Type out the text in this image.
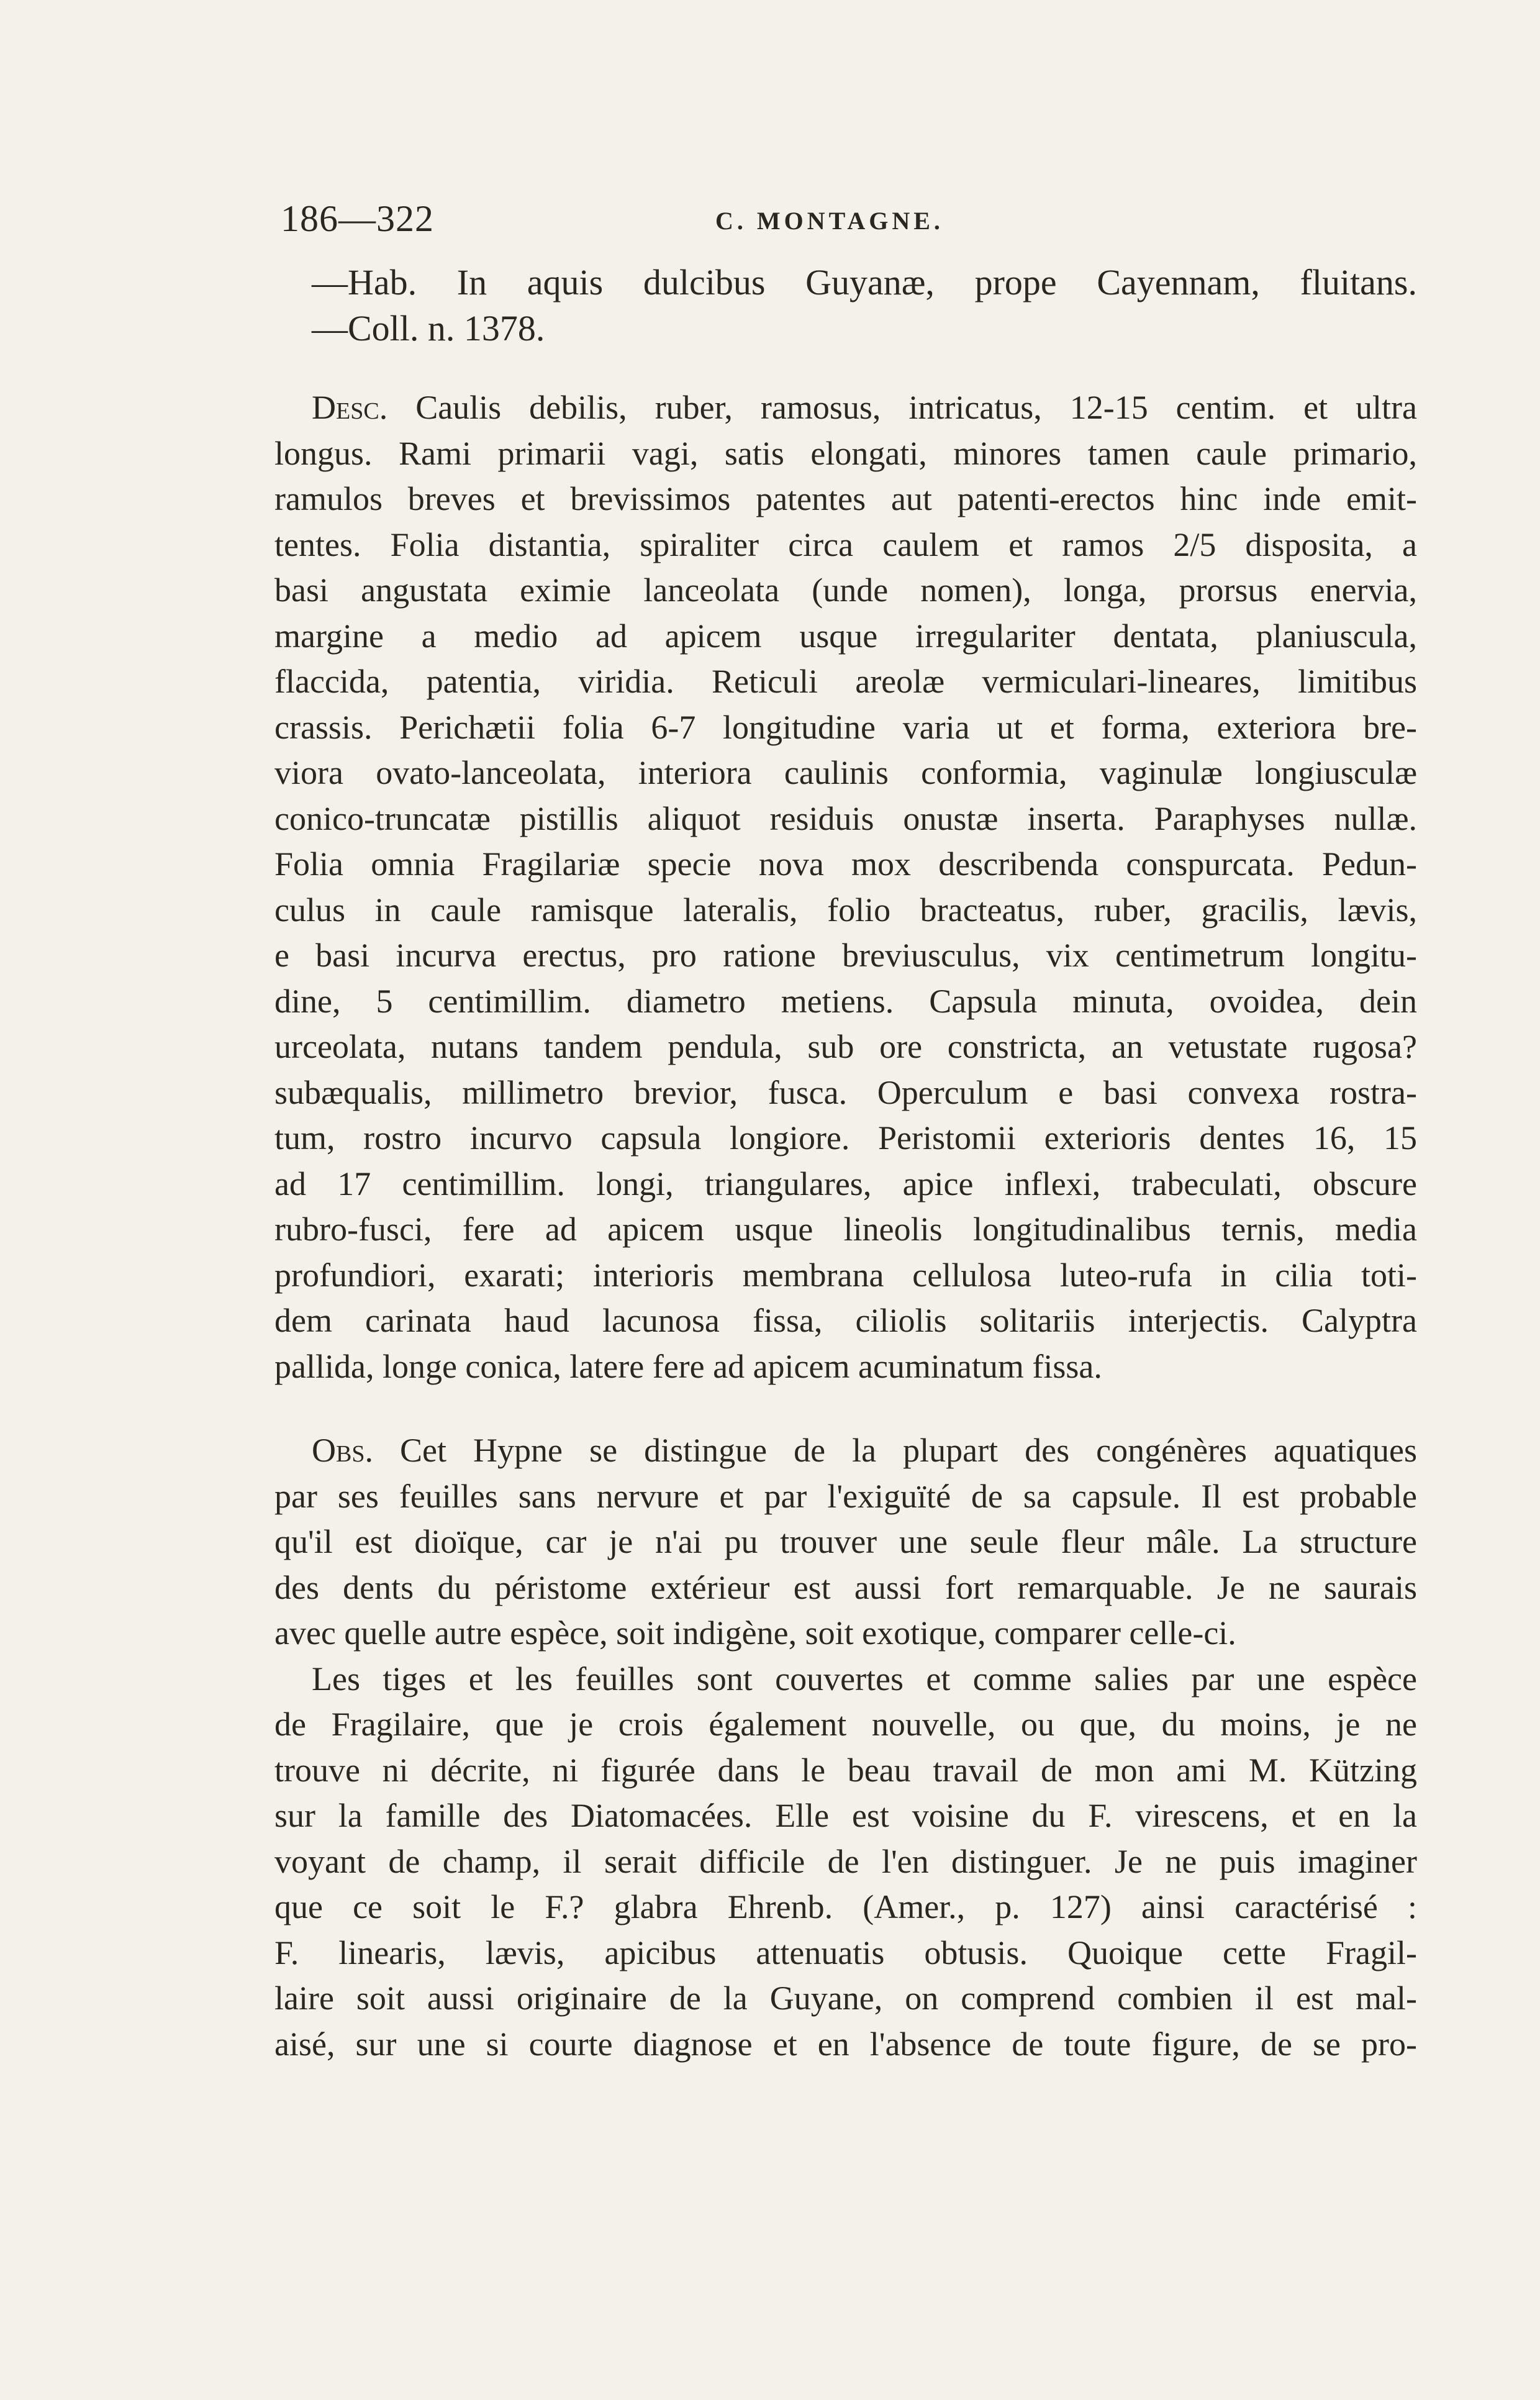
186—322	C. MONTAGNE.
—Hab. In aquis dulcibus Guyanæ, prope Cayennam, fluitans.
—Coll. n. 1378.
Desc. Caulis debilis, ruber, ramosus, intricatus, 12-15 centim. et ultra
longus. Rami primarii vagi, satis elongati, minores tamen caule primario,
ramulos breves et brevissimos patentes aut patenti-erectos hinc inde emit-
tentes. Folia distantia, spiraliter circa caulem et ramos 2/5 disposita, a
basi angustata eximie lanceolata (unde nomen), longa, prorsus enervia,
margine a medio ad apicem usque irregulariter dentata, planiuscula,
flaccida, patentia, viridia. Reticuli areolæ vermiculari-lineares, limitibus
crassis. Perichætii folia 6-7 longitudine varia ut et forma, exteriora bre-
viora ovato-lanceolata, interiora caulinis conformia, vaginulæ longiusculæ
conico-truncatæ pistillis aliquot residuis onustæ inserta. Paraphyses nullæ.
Folia omnia Fragilariæ specie nova mox describenda conspurcata. Pedun-
culus in caule ramisque lateralis, folio bracteatus, ruber, gracilis, lævis,
e basi incurva erectus, pro ratione breviusculus, vix centimetrum longitu-
dine, 5 centimillim. diametro metiens. Capsula minuta, ovoidea, dein
urceolata, nutans tandem pendula, sub ore constricta, an vetustate rugosa?
subæqualis, millimetro brevior, fusca. Operculum e basi convexa rostra-
tum, rostro incurvo capsula longiore. Peristomii exterioris dentes 16, 15
ad 17 centimillim. longi, triangulares, apice inflexi, trabeculati, obscure
rubro-fusci, fere ad apicem usque lineolis longitudinalibus ternis, media
profundiori, exarati; interioris membrana cellulosa luteo-rufa in cilia toti-
dem carinata haud lacunosa fissa, ciliolis solitariis interjectis. Calyptra
pallida, longe conica, latere fere ad apicem acuminatum fissa.
Obs. Cet Hypne se distingue de la plupart des congénères aquatiques
par ses feuilles sans nervure et par l'exiguïté de sa capsule. Il est probable
qu'il est dioïque, car je n'ai pu trouver une seule fleur mâle. La structure
des dents du péristome extérieur est aussi fort remarquable. Je ne saurais
avec quelle autre espèce, soit indigène, soit exotique, comparer celle-ci.
Les tiges et les feuilles sont couvertes et comme salies par une espèce
de Fragilaire, que je crois également nouvelle, ou que, du moins, je ne
trouve ni décrite, ni figurée dans le beau travail de mon ami M. Kützing
sur la famille des Diatomacées. Elle est voisine du F. virescens, et en la
voyant de champ, il serait difficile de l'en distinguer. Je ne puis imaginer
que ce soit le F.? glabra Ehrenb. (Amer., p. 127) ainsi caractérisé :
F. linearis, lævis, apicibus attenuatis obtusis. Quoique cette Fragil-
laire soit aussi originaire de la Guyane, on comprend combien il est mal-
aisé, sur une si courte diagnose et en l'absence de toute figure, de se pro-
